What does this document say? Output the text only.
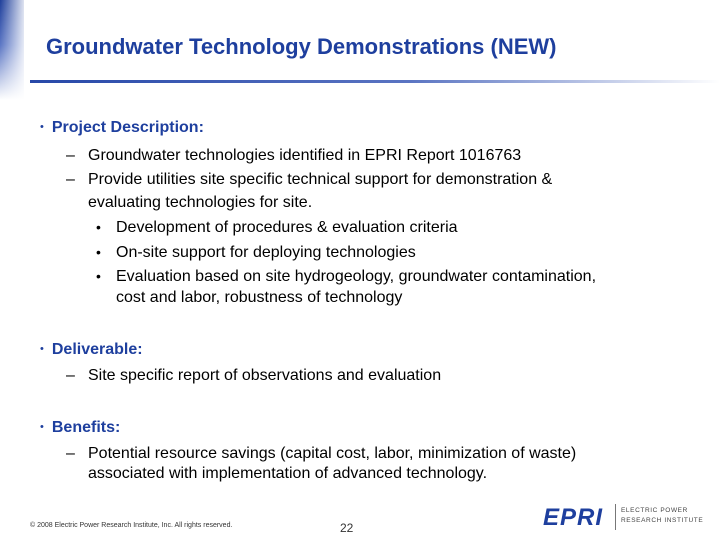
Groundwater Technology Demonstrations (NEW)
• Project Description:
– Groundwater technologies identified in EPRI Report 1016763
– Provide utilities site specific technical support for demonstration &
evaluating technologies for site.
• Development of procedures & evaluation criteria
• On-site support for deploying technologies
• Evaluation based on site hydrogeology, groundwater contamination,
cost and labor, robustness of technology
• Deliverable:
– Site specific report of observations and evaluation
• Benefits:
– Potential resource savings (capital cost, labor, minimization of waste)
associated with implementation of advanced technology.
© 2008 Electric Power Research Institute, Inc. All rights reserved.	22	EPRI	ELECTRIC POWER
RESEARCH INSTITUTE
